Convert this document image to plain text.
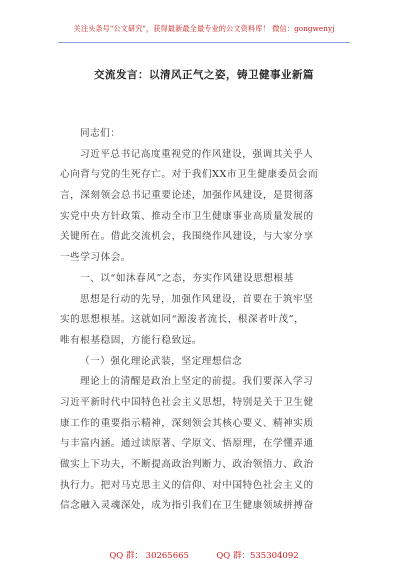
关注头条号"公文研究"，获得最新最全最专业的公文资料库！ 微信：gongwenyj
交流发言：以清风正气之姿，铸卫健事业新篇
同志们：
习近平总书记高度重视党的作风建设，强调其关乎人
心向背与党的生死存亡。对于我们XX市卫生健康委员会而
言，深刻领会总书记重要论述，加强作风建设，是贯彻落
实党中央方针政策、推动全市卫生健康事业高质量发展的
关键所在。借此交流机会，我围绕作风建设，与大家分享
一些学习体会。
一、以“如沐春风”之态，夯实作风建设思想根基
思想是行动的先导，加强作风建设，首要在于筑牢坚
实的思想根基。这就如同“源浚者流长，根深者叶茂”，
唯有根基稳固，方能行稳致远。
（一）强化理论武装，坚定理想信念
理论上的清醒是政治上坚定的前提。我们要深入学习
习近平新时代中国特色社会主义思想，特别是关于卫生健
康工作的重要指示精神，深刻领会其核心要义、精神实质
与丰富内涵。通过读原著、学原文、悟原理，在学懂弄通
做实上下功夫，不断提高政治判断力、政治领悟力、政治
执行力。把对马克思主义的信仰、对中国特色社会主义的
信念融入灵魂深处，成为指引我们在卫生健康领域拼搏奋
QQ 群： 30265665	QQ 群：535304092
